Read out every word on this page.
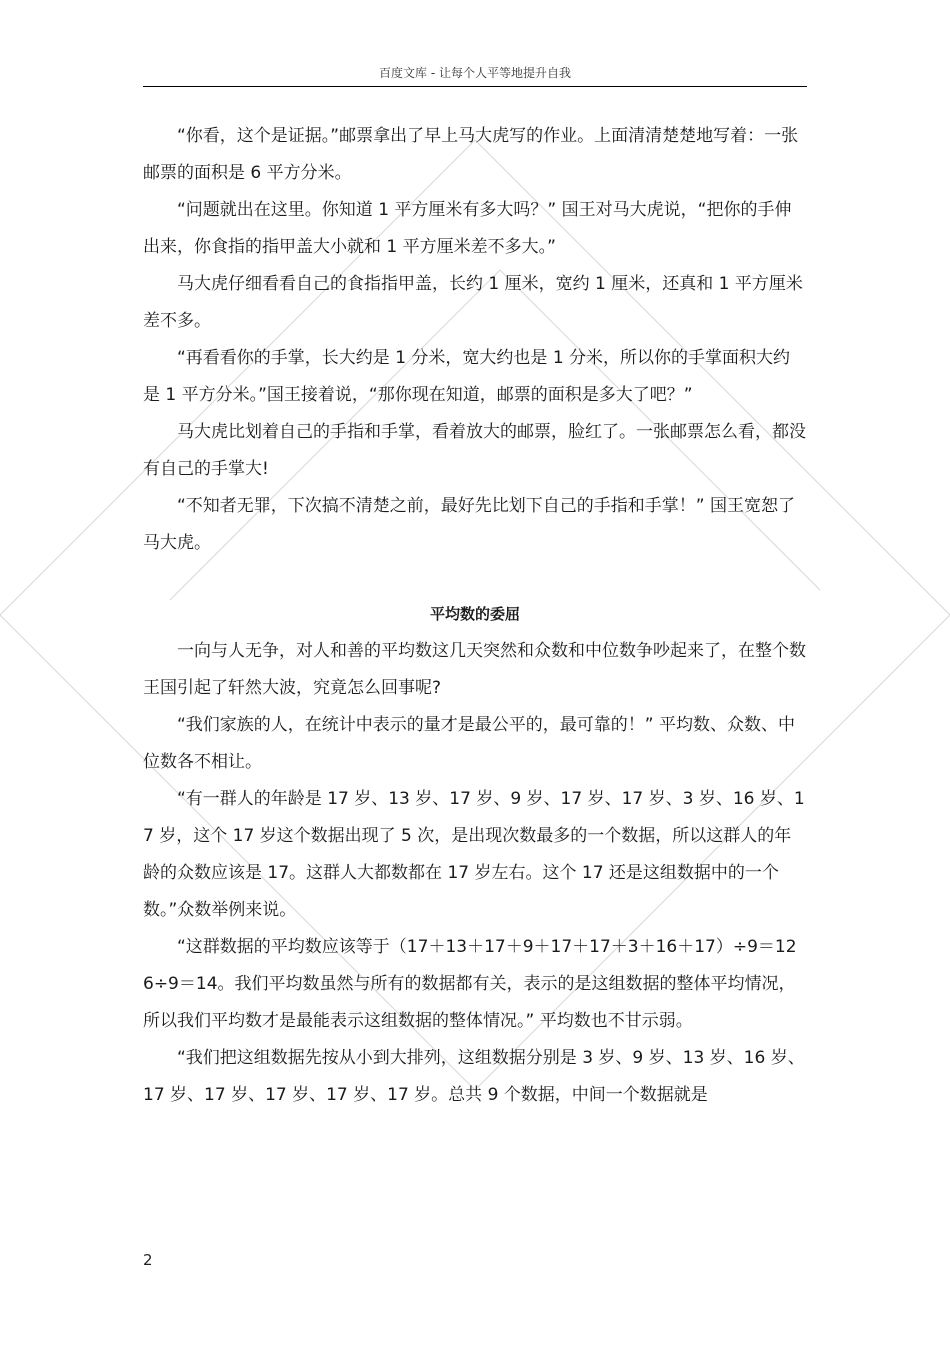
百度文库 - 让每个人平等地提升自我

“你看，这个是证据。”邮票拿出了早上马大虎写的作业。上面清清楚楚地写着：一张邮票的面积是 6 平方分米。

“问题就出在这里。你知道 1 平方厘米有多大吗？” 国王对马大虎说，“把你的手伸出来，你食指的指甲盖大小就和 1 平方厘米差不多大。”

马大虎仔细看看自己的食指指甲盖，长约 1 厘米，宽约 1 厘米，还真和 1 平方厘米差不多。

“再看看你的手掌，长大约是 1 分米，宽大约也是 1 分米，所以你的手掌面积大约是 1 平方分米。”国王接着说，“那你现在知道，邮票的面积是多大了吧？”

马大虎比划着自己的手指和手掌，看着放大的邮票，脸红了。一张邮票怎么看，都没有自己的手掌大!

“不知者无罪，下次搞不清楚之前，最好先比划下自己的手指和手掌！” 国王宽恕了马大虎。

平均数的委屈

一向与人无争，对人和善的平均数这几天突然和众数和中位数争吵起来了，在整个数王国引起了轩然大波，究竟怎么回事呢?

“我们家族的人，在统计中表示的量才是最公平的，最可靠的！” 平均数、众数、中位数各不相让。

“有一群人的年龄是 17 岁、13 岁、17 岁、9 岁、17 岁、17 岁、3 岁、16 岁、17 岁，这个 17 岁这个数据出现了 5 次，是出现次数最多的一个数据，所以这群人的年龄的众数应该是 17。这群人大都数都在 17 岁左右。这个 17 还是这组数据中的一个数。”众数举例来说。

“这群数据的平均数应该等于（17＋13＋17＋9＋17＋17＋3＋16＋17）÷9＝126÷9＝14。我们平均数虽然与所有的数据都有关，表示的是这组数据的整体平均情况，所以我们平均数才是最能表示这组数据的整体情况。” 平均数也不甘示弱。

“我们把这组数据先按从小到大排列，这组数据分别是 3 岁、9 岁、13 岁、16 岁、17 岁、17 岁、17 岁、17 岁、17 岁。总共 9 个数据，中间一个数据就是

2
